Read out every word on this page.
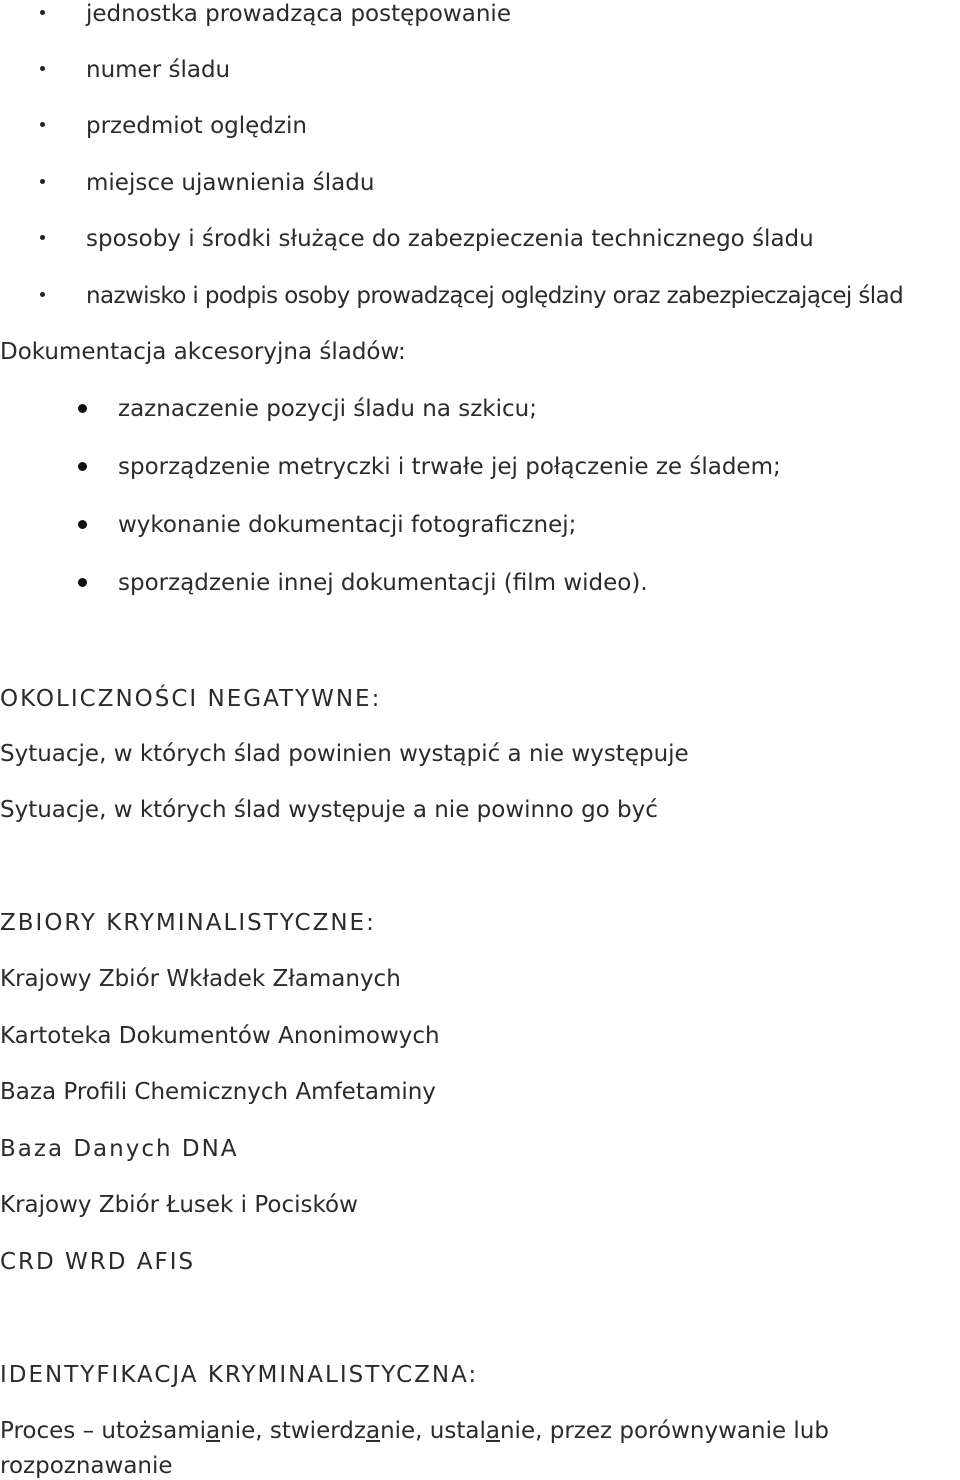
jednostka prowadząca postępowanie
numer śladu
przedmiot oględzin
miejsce ujawnienia śladu
sposoby i środki służące do zabezpieczenia technicznego śladu
nazwisko i podpis osoby prowadzącej oględziny oraz zabezpieczającej ślad
Dokumentacja akcesoryjna śladów:
zaznaczenie pozycji śladu na szkicu;
sporządzenie metryczki i trwałe jej połączenie ze śladem;
wykonanie dokumentacji fotograficznej;
sporządzenie innej dokumentacji (film wideo).
OKOLICZNOŚCI NEGATYWNE:
Sytuacje, w których ślad powinien wystąpić a nie występuje
Sytuacje, w których ślad występuje a nie powinno go być
ZBIORY KRYMINALISTYCZNE:
Krajowy Zbiór Wkładek Złamanych
Kartoteka Dokumentów Anonimowych
Baza Profili Chemicznych Amfetaminy
Baza Danych DNA
Krajowy Zbiór Łusek i Pocisków
CRD WRD AFIS
IDENTYFIKACJA KRYMINALISTYCZNA:
Proces – utożsamianie, stwierdzanie, ustalanie, przez porównywanie lub
rozpoznawanie
